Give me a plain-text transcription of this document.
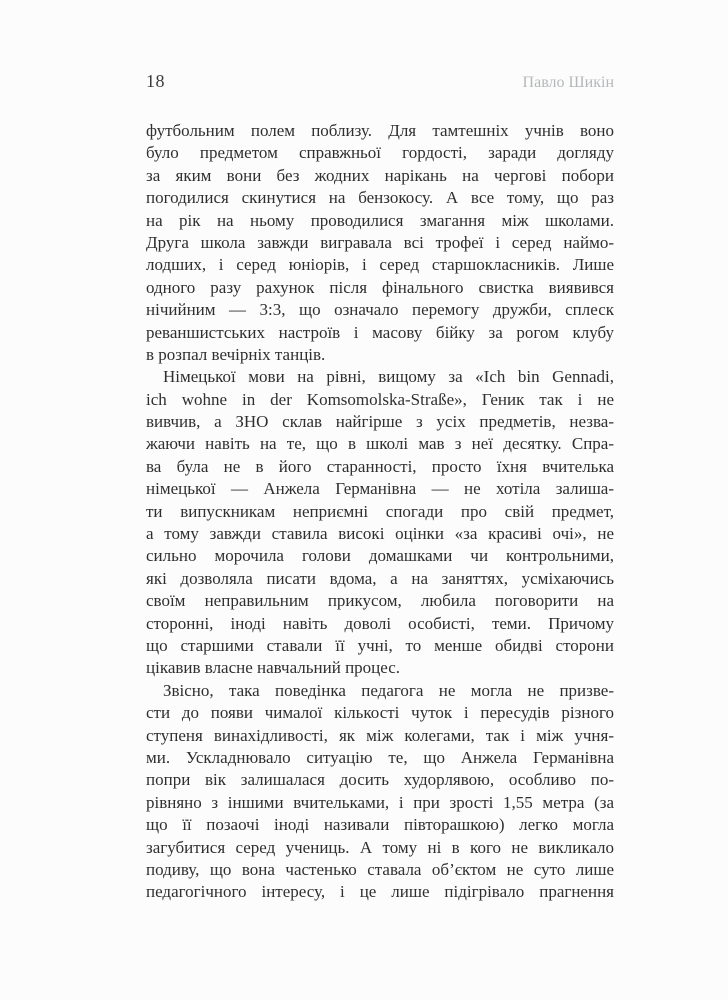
18	Павло Шикін
футбольним полем поблизу. Для тамтешніх учнів воно
було предметом справжньої гордості, заради догляду
за яким вони без жодних нарікань на чергові побори
погодилися скинутися на бензокосу. А все тому, що раз
на рік на ньому проводилися змагання між школами.
Друга школа завжди вигравала всі трофеї і серед наймо-
лодших, і серед юніорів, і серед старшокласників. Лише
одного разу рахунок після фінального свистка виявився
нічийним — 3:3, що означало перемогу дружби, сплеск
реваншистських настроїв і масову бійку за рогом клубу
в розпал вечірніх танців.
Німецької мови на рівні, вищому за «Ich bin Gennadi,
ich wohne in der Komsomolska-Straße», Геник так і не
вивчив, а ЗНО склав найгірше з усіх предметів, незва-
жаючи навіть на те, що в школі мав з неї десятку. Спра-
ва була не в його старанності, просто їхня вчителька
німецької — Анжела Германівна — не хотіла залиша-
ти випускникам неприємні спогади про свій предмет,
а тому завжди ставила високі оцінки «за красиві очі», не
сильно морочила голови домашками чи контрольними,
які дозволяла писати вдома, а на заняттях, усміхаючись
своїм неправильним прикусом, любила поговорити на
сторонні, іноді навіть доволі особисті, теми. Причому
що старшими ставали її учні, то менше обидві сторони
цікавив власне навчальний процес.
Звісно, така поведінка педагога не могла не призве-
сти до появи чималої кількості чуток і пересудів різного
ступеня винахідливості, як між колегами, так і між учня-
ми. Ускладнювало ситуацію те, що Анжела Германівна
попри вік залишалася досить худорлявою, особливо по-
рівняно з іншими вчительками, і при зрості 1,55 метра (за
що її позаочі іноді називали півторашкою) легко могла
загубитися серед учениць. А тому ні в кого не викликало
подиву, що вона частенько ставала об’єктом не суто лише
педагогічного інтересу, і це лише підігрівало прагнення
